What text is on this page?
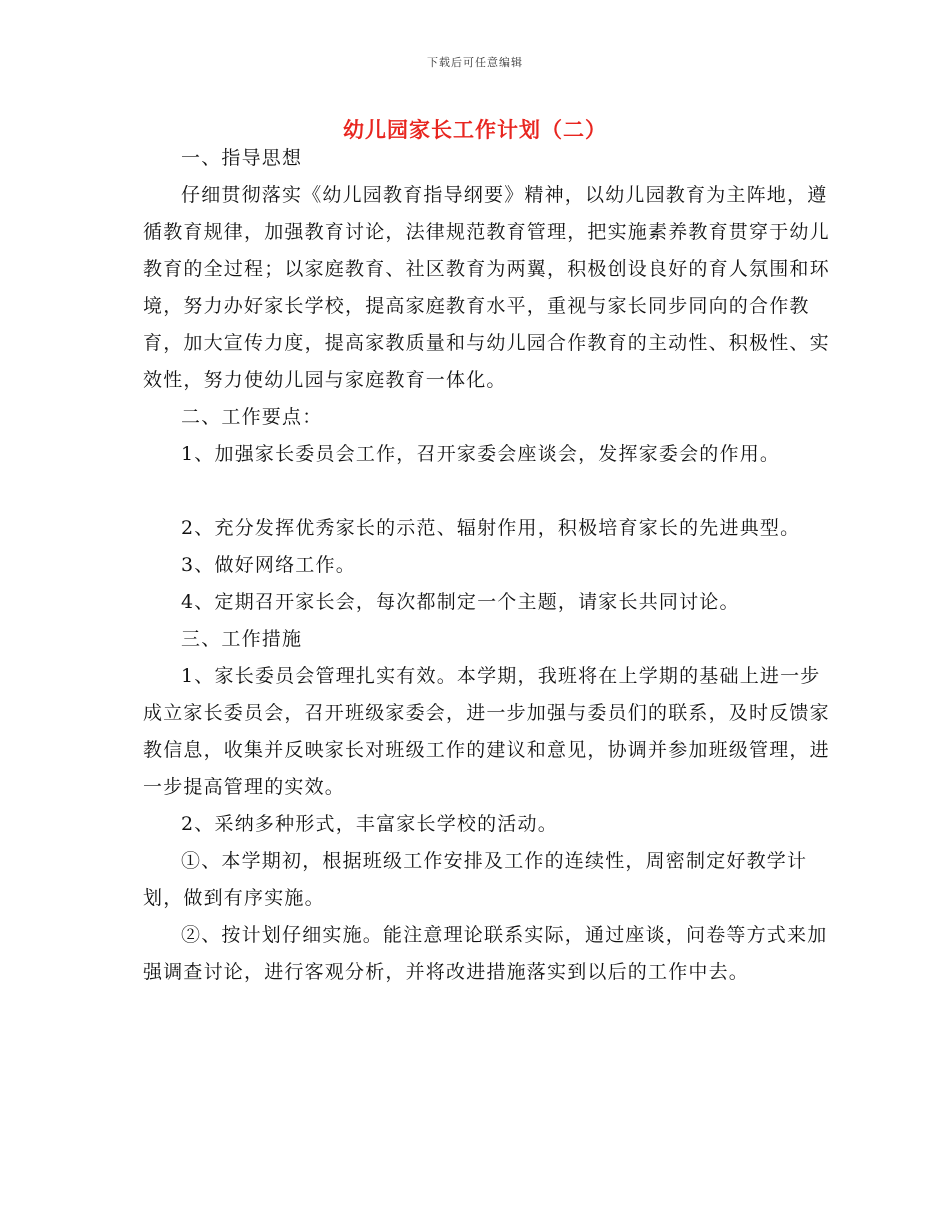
下载后可任意编辑
幼儿园家长工作计划（二）

一、指导思想

仔细贯彻落实《幼儿园教育指导纲要》精神，以幼儿园教育为主阵地，遵循教育规律，加强教育讨论，法律规范教育管理，把实施素养教育贯穿于幼儿教育的全过程；以家庭教育、社区教育为两翼，积极创设良好的育人氛围和环境，努力办好家长学校，提高家庭教育水平，重视与家长同步同向的合作教育，加大宣传力度，提高家教质量和与幼儿园合作教育的主动性、积极性、实效性，努力使幼儿园与家庭教育一体化。

二、工作要点：

1、加强家长委员会工作，召开家委会座谈会，发挥家委会的作用。

2、充分发挥优秀家长的示范、辐射作用，积极培育家长的先进典型。

3、做好网络工作。

4、定期召开家长会，每次都制定一个主题，请家长共同讨论。

三、工作措施

1、家长委员会管理扎实有效。本学期，我班将在上学期的基础上进一步成立家长委员会，召开班级家委会，进一步加强与委员们的联系，及时反馈家教信息，收集并反映家长对班级工作的建议和意见，协调并参加班级管理，进一步提高管理的实效。

2、采纳多种形式，丰富家长学校的活动。

①、本学期初，根据班级工作安排及工作的连续性，周密制定好教学计划，做到有序实施。

②、按计划仔细实施。能注意理论联系实际，通过座谈，问卷等方式来加强调查讨论，进行客观分析，并将改进措施落实到以后的工作中去。
